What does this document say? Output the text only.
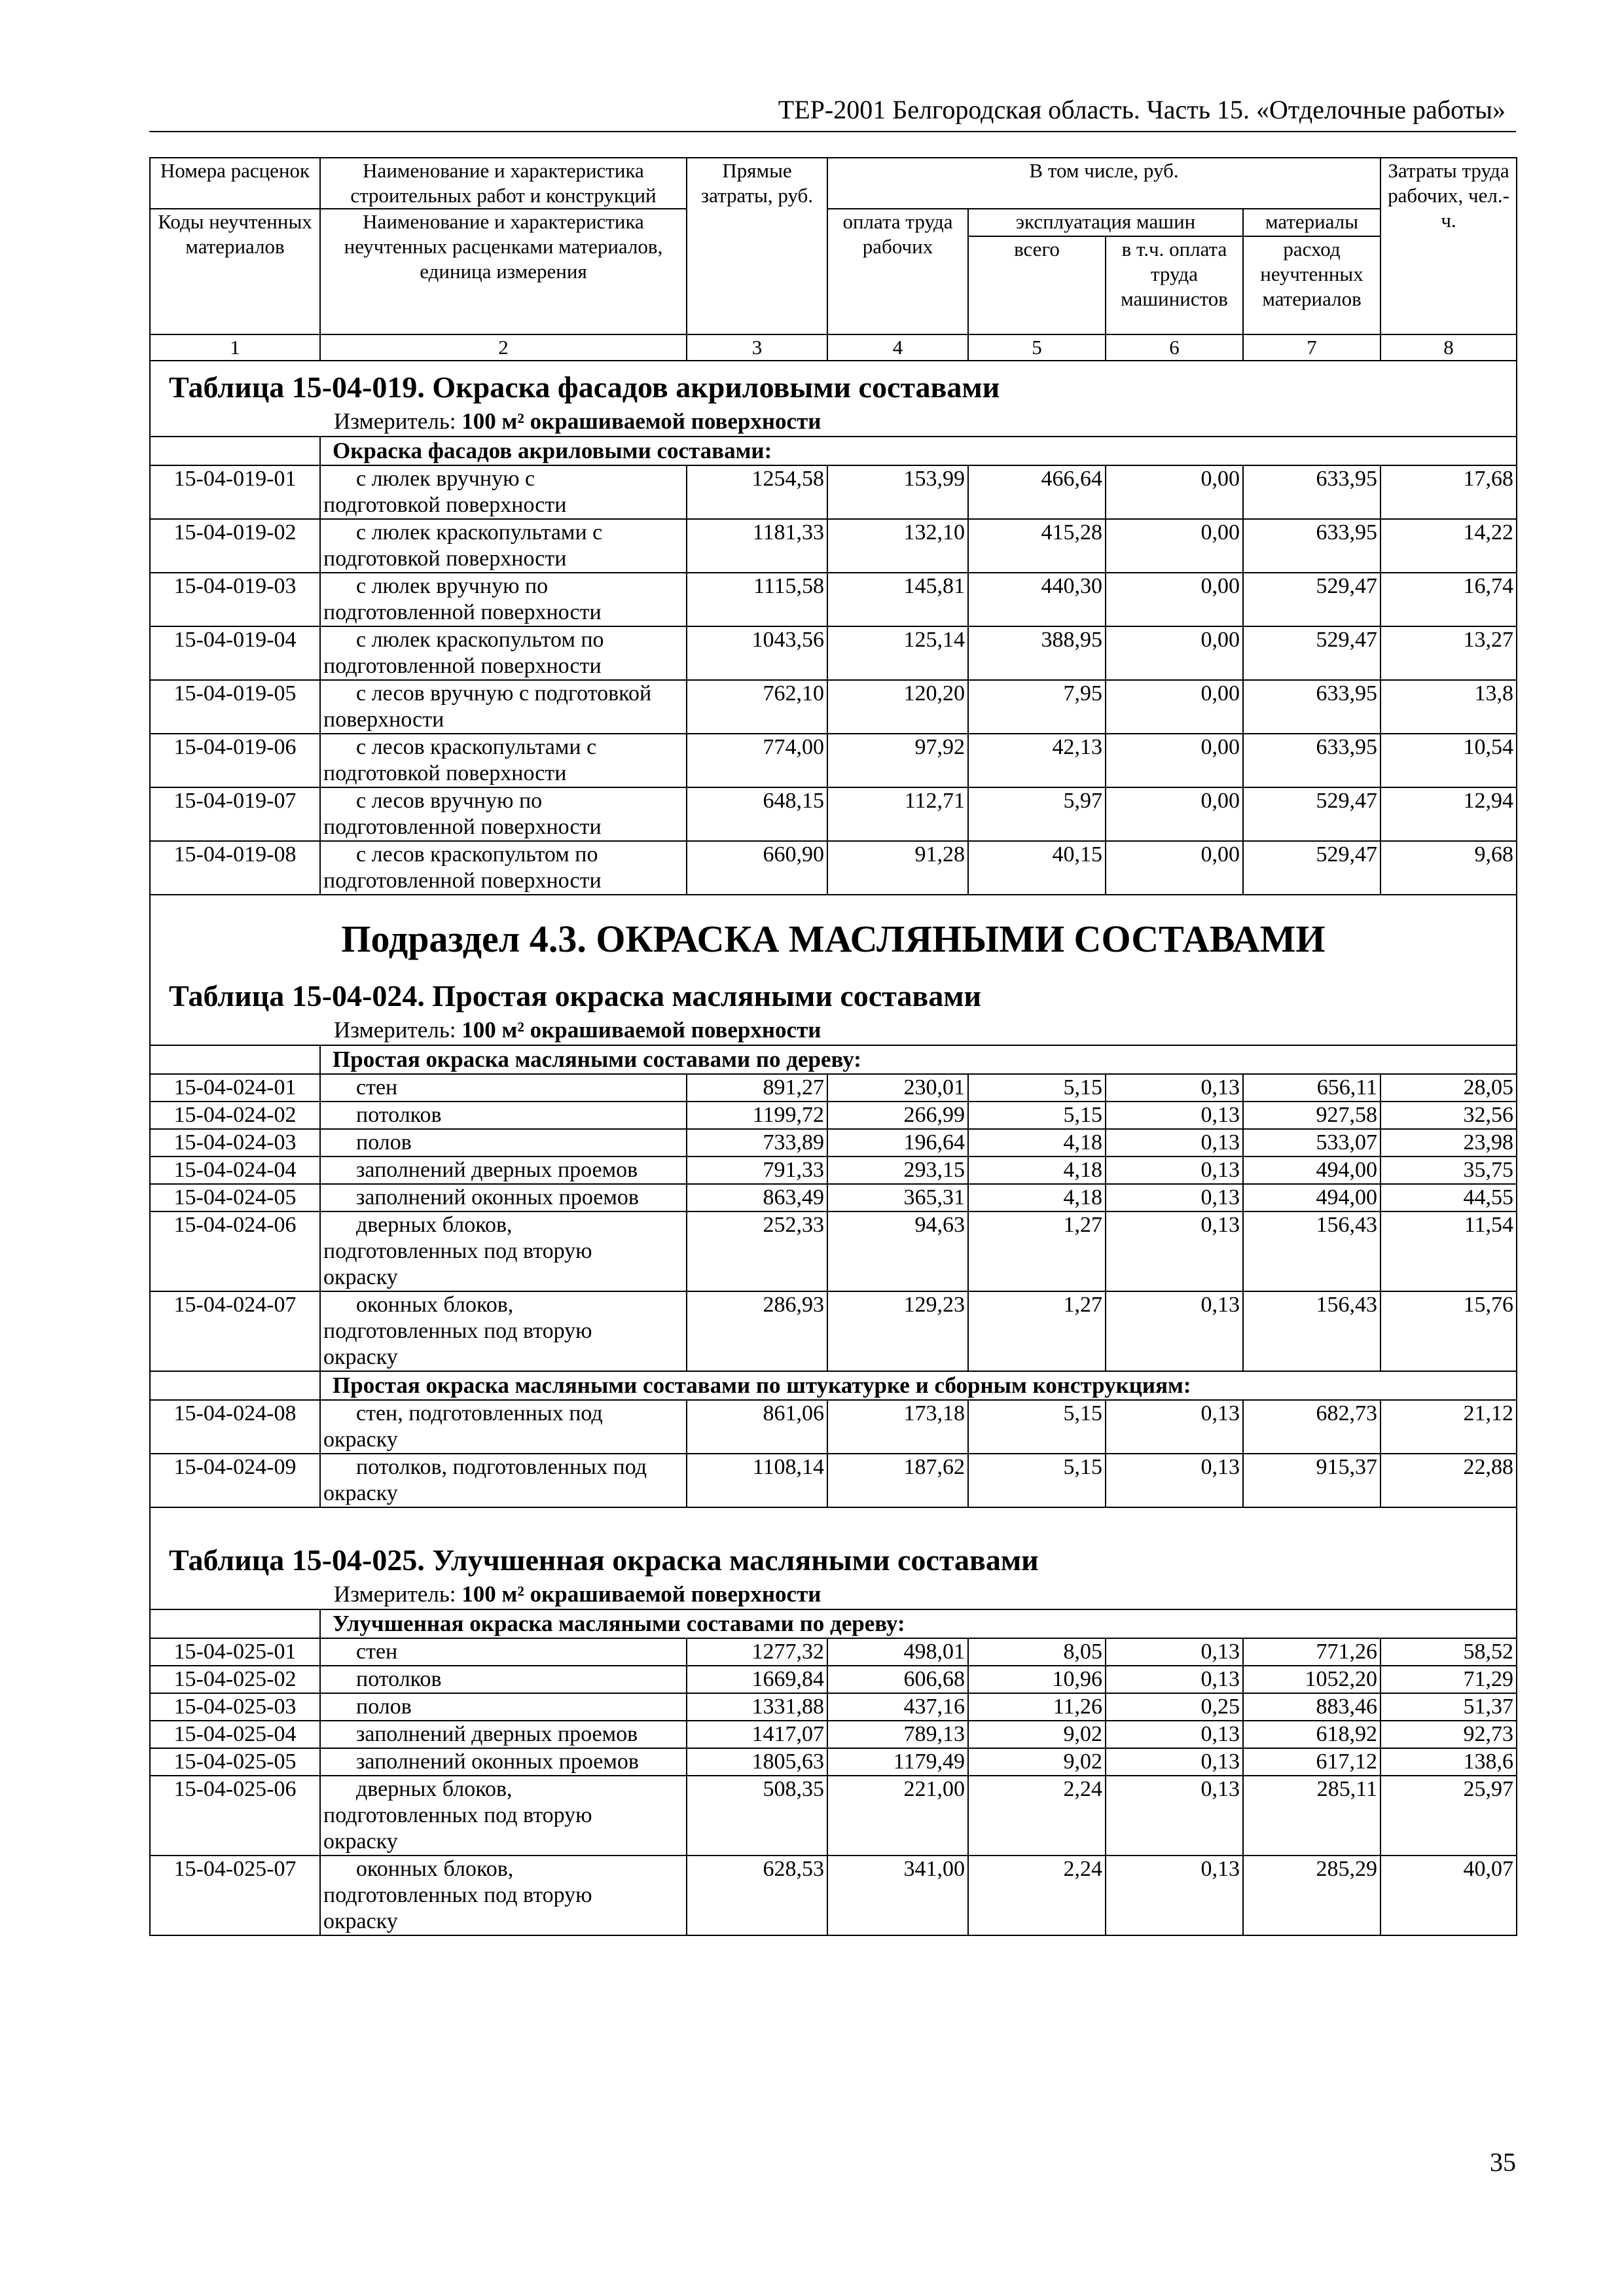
ТЕР-2001 Белгородская область. Часть 15. «Отделочные работы»
Номера расценок	Наименование и характеристика строительных работ и конструкций	Прямые затраты, руб.	В том числе, руб.				Затраты труда рабочих, чел.-ч.
Коды неучтенных материалов	Наименование и характеристика неучтенных расценками материалов, единица измерения		оплата труда рабочих	эксплуатация машин		материалы	
				всего	в т.ч. оплата труда машинистов	расход неучтенных материалов	
1	2	3	4	5	6	7	8
Таблица 15-04-019. Окраска фасадов акриловыми составами							
Измеритель: 100 м² окрашиваемой поверхности							
	Окраска фасадов акриловыми составами:						
15-04-019-01	с люлек вручную с
подготовкой поверхности	1254,58	153,99	466,64	0,00	633,95	17,68
15-04-019-02	с люлек краскопультами с
подготовкой поверхности	1181,33	132,10	415,28	0,00	633,95	14,22
15-04-019-03	с люлек вручную по
подготовленной поверхности	1115,58	145,81	440,30	0,00	529,47	16,74
15-04-019-04	с люлек краскопультом по
подготовленной поверхности	1043,56	125,14	388,95	0,00	529,47	13,27
15-04-019-05	с лесов вручную с подготовкой
поверхности	762,10	120,20	7,95	0,00	633,95	13,8
15-04-019-06	с лесов краскопультами с
подготовкой поверхности	774,00	97,92	42,13	0,00	633,95	10,54
15-04-019-07	с лесов вручную по
подготовленной поверхности	648,15	112,71	5,97	0,00	529,47	12,94
15-04-019-08	с лесов краскопультом по
подготовленной поверхности	660,90	91,28	40,15	0,00	529,47	9,68
Подраздел 4.3. ОКРАСКА МАСЛЯНЫМИ СОСТАВАМИ							
Таблица 15-04-024. Простая окраска масляными составами							
Измеритель: 100 м² окрашиваемой поверхности							
	Простая окраска масляными составами по дереву:						
15-04-024-01	стен	891,27	230,01	5,15	0,13	656,11	28,05
15-04-024-02	потолков	1199,72	266,99	5,15	0,13	927,58	32,56
15-04-024-03	полов	733,89	196,64	4,18	0,13	533,07	23,98
15-04-024-04	заполнений дверных проемов	791,33	293,15	4,18	0,13	494,00	35,75
15-04-024-05	заполнений оконных проемов	863,49	365,31	4,18	0,13	494,00	44,55
15-04-024-06	дверных блоков,
подготовленных под вторую
окраску	252,33	94,63	1,27	0,13	156,43	11,54
15-04-024-07	оконных блоков,
подготовленных под вторую
окраску	286,93	129,23	1,27	0,13	156,43	15,76
	Простая окраска масляными составами по штукатурке и сборным конструкциям:						
15-04-024-08	стен, подготовленных под
окраску	861,06	173,18	5,15	0,13	682,73	21,12
15-04-024-09	потолков, подготовленных под
окраску	1108,14	187,62	5,15	0,13	915,37	22,88

Таблица 15-04-025. Улучшенная окраска масляными составами							
Измеритель: 100 м² окрашиваемой поверхности							
	Улучшенная окраска масляными составами по дереву:						
15-04-025-01	стен	1277,32	498,01	8,05	0,13	771,26	58,52
15-04-025-02	потолков	1669,84	606,68	10,96	0,13	1052,20	71,29
15-04-025-03	полов	1331,88	437,16	11,26	0,25	883,46	51,37
15-04-025-04	заполнений дверных проемов	1417,07	789,13	9,02	0,13	618,92	92,73
15-04-025-05	заполнений оконных проемов	1805,63	1179,49	9,02	0,13	617,12	138,6
15-04-025-06	дверных блоков,
подготовленных под вторую
окраску	508,35	221,00	2,24	0,13	285,11	25,97
15-04-025-07	оконных блоков,
подготовленных под вторую
окраску	628,53	341,00	2,24	0,13	285,29	40,07
35
